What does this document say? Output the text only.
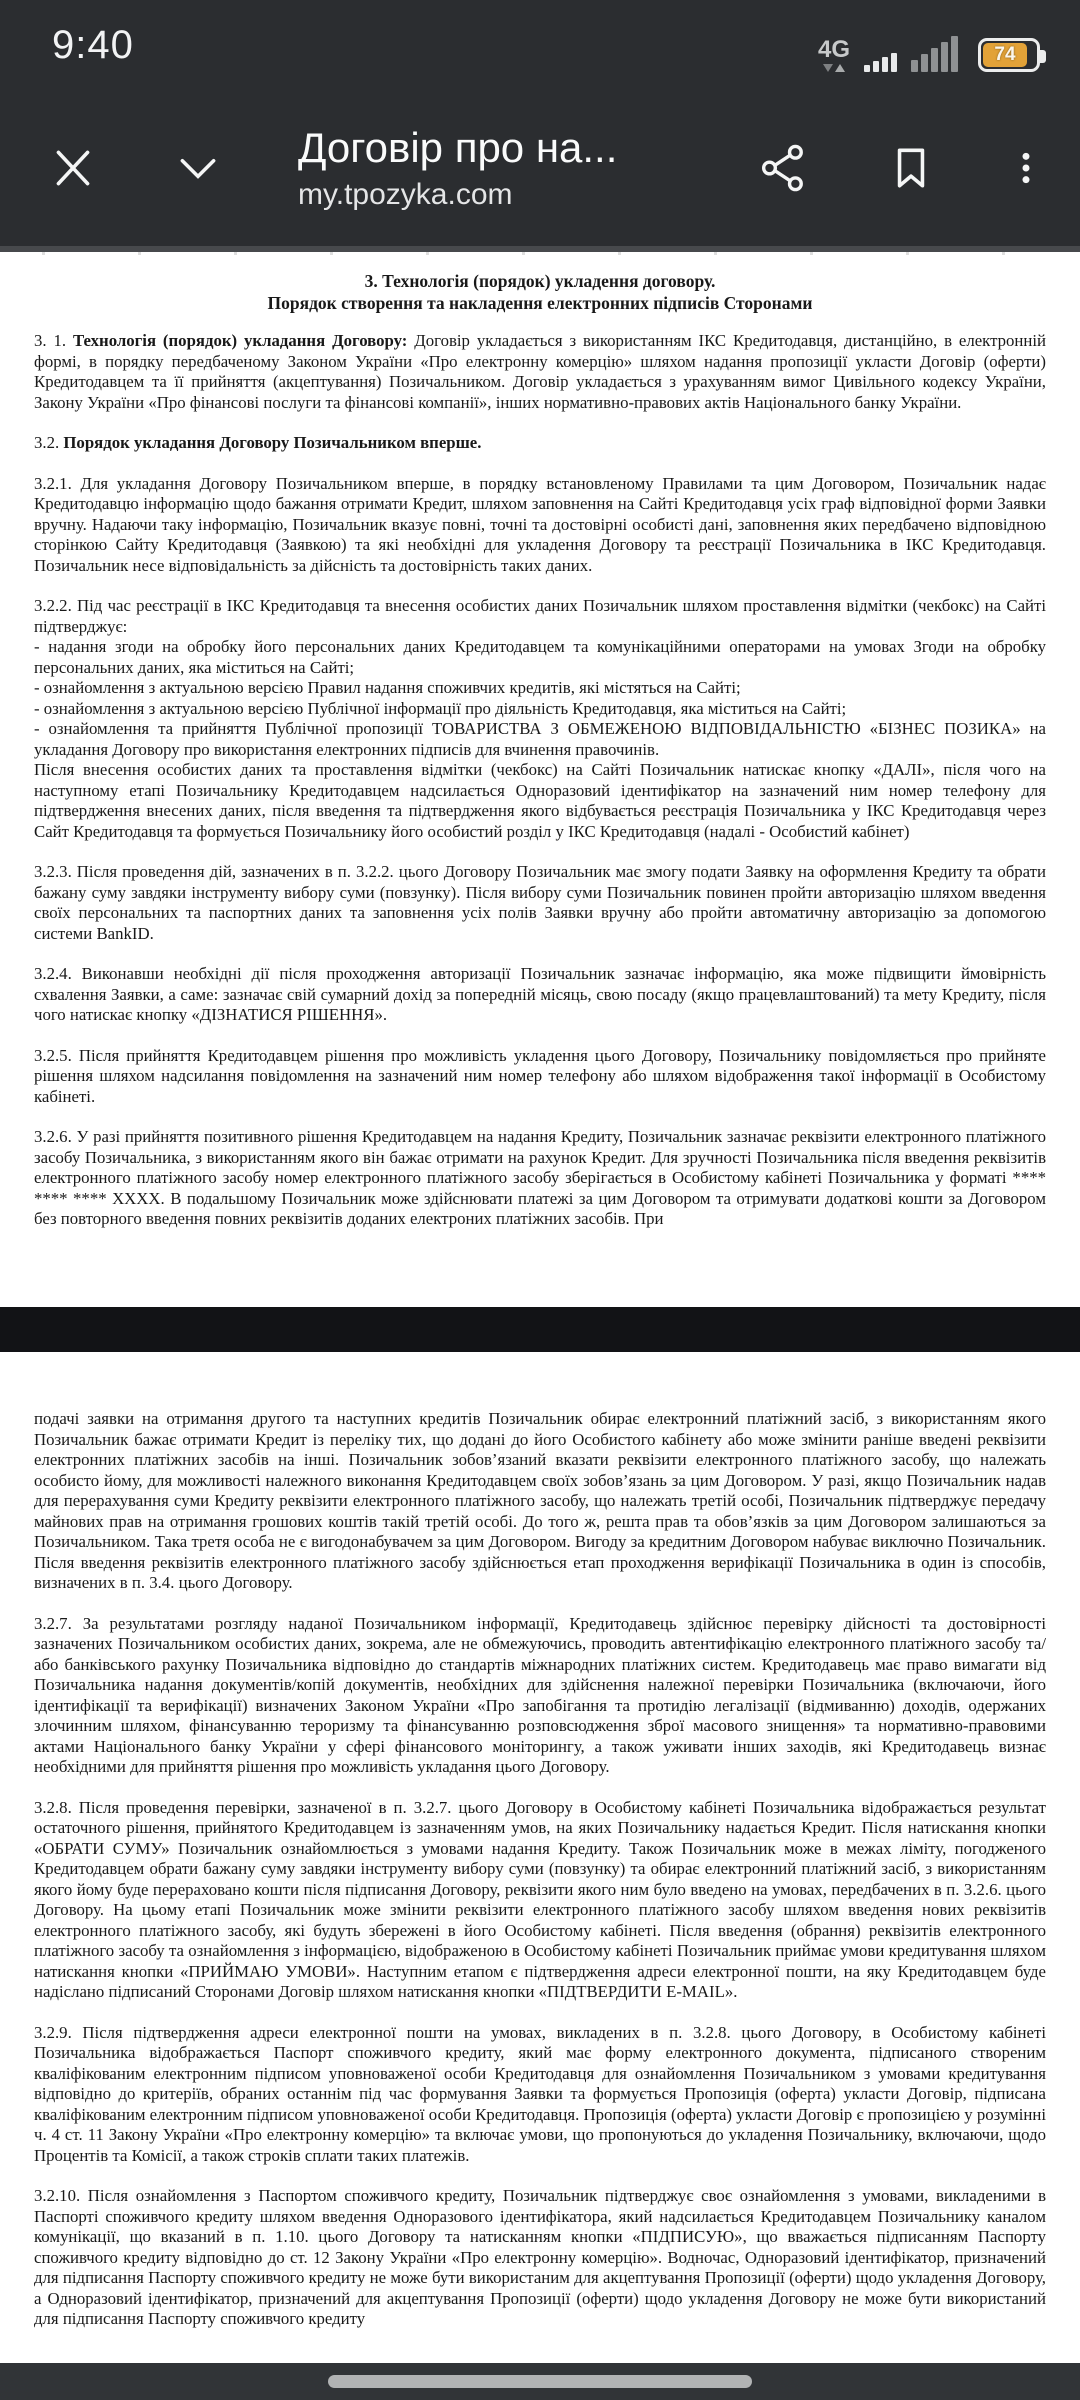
9:40	4G	74
Договір про на...
my.tpozyka.com
3. Технологія (порядок) укладення договору.
Порядок створення та накладення електронних підписів Сторонами

3. 1. Технологія (порядок) укладання Договору: Договір укладається з використанням ІКС Кредитодавця, дистанційно, в електронній формі, в порядку передбаченому Законом України «Про електронну комерцію» шляхом надання пропозиції укласти Договір (оферти) Кредитодавцем та її прийняття (акцептування) Позичальником. Договір укладається з урахуванням вимог Цивільного кодексу України, Закону України «Про фінансові послуги та фінансові компанії», інших нормативно-правових актів Національного банку України.

3.2. Порядок укладання Договору Позичальником вперше.

3.2.1. Для укладання Договору Позичальником вперше, в порядку встановленому Правилами та цим Договором, Позичальник надає Кредитодавцю інформацію щодо бажання отримати Кредит, шляхом заповнення на Сайті Кредитодавця усіх граф відповідної форми Заявки вручну. Надаючи таку інформацію, Позичальник вказує повні, точні та достовірні особисті дані, заповнення яких передбачено відповідною сторінкою Сайту Кредитодавця (Заявкою) та які необхідні для укладення Договору та реєстрації Позичальника в ІКС Кредитодавця. Позичальник несе відповідальність за дійсність та достовірність таких даних.

3.2.2. Під час реєстрації в ІКС Кредитодавця та внесення особистих даних Позичальник шляхом проставлення відмітки (чекбокс) на Сайті підтверджує:

- надання згоди на обробку його персональних даних Кредитодавцем та комунікаційними операторами на умовах Згоди на обробку персональних даних, яка міститься на Сайті;

- ознайомлення з актуальною версією Правил надання споживчих кредитів, які містяться на Сайті;

- ознайомлення з актуальною версією Публічної інформації про діяльність Кредитодавця, яка міститься на Сайті;

- ознайомлення та прийняття Публічної пропозиції ТОВАРИСТВА З ОБМЕЖЕНОЮ ВІДПОВІДАЛЬНІСТЮ «БІЗНЕС ПОЗИКА» на укладання Договору про використання електронних підписів для вчинення правочинів.

Після внесення особистих даних та проставлення відмітки (чекбокс) на Сайті Позичальник натискає кнопку «ДАЛІ», після чого на наступному етапі Позичальнику Кредитодавцем надсилається Одноразовий ідентифікатор на зазначений ним номер телефону для підтвердження внесених даних, після введення та підтвердження якого відбувається реєстрація Позичальника у ІКС Кредитодавця через Сайт Кредитодавця та формується Позичальнику його особистий розділ у ІКС Кредитодавця (надалі - Особистий кабінет)

3.2.3. Після проведення дій, зазначених в п. 3.2.2. цього Договору Позичальник має змогу подати Заявку на оформлення Кредиту та обрати бажану суму завдяки інструменту вибору суми (повзунку). Після вибору суми Позичальник повинен пройти авторизацію шляхом введення своїх персональних та паспортних даних та заповнення усіх полів Заявки вручну або пройти автоматичну авторизацію за допомогою системи BankID.

3.2.4. Виконавши необхідні дії після проходження авторизації Позичальник зазначає інформацію, яка може підвищити ймовірність схвалення Заявки, а саме: зазначає свій сумарний дохід за попередній місяць, свою посаду (якщо працевлаштований) та мету Кредиту, після чого натискає кнопку «ДІЗНАТИСЯ РІШЕННЯ».

3.2.5. Після прийняття Кредитодавцем рішення про можливість укладення цього Договору, Позичальнику повідомляється про прийняте рішення шляхом надсилання повідомлення на зазначений ним номер телефону або шляхом відображення такої інформації в Особистому кабінеті.

3.2.6. У разі прийняття позитивного рішення Кредитодавцем на надання Кредиту, Позичальник зазначає реквізити електронного платіжного засобу Позичальника, з використанням якого він бажає отримати на рахунок Кредит. Для зручності Позичальника після введення реквізитів електронного платіжного засобу номер електронного платіжного засобу зберігається в Особистому кабінеті Позичальника у форматі **** **** **** XXXX. В подальшому Позичальник може здійснювати платежі за цим Договором та отримувати додаткові кошти за Договором без повторного введення повних реквізитів доданих електроних платіжних засобів. При

подачі заявки на отримання другого та наступних кредитів Позичальник обирає електронний платіжний засіб, з використанням якого Позичальник бажає отримати Кредит із переліку тих, що додані до його Особистого кабінету або може змінити раніше введені реквізити електронних платіжних засобів на інші. Позичальник зобов’язаний вказати реквізити електронного платіжного засобу, що належать особисто йому, для можливості належного виконання Кредитодавцем своїх зобов’язань за цим Договором. У разі, якщо Позичальник надав для перерахування суми Кредиту реквізити електронного платіжного засобу, що належать третій особі, Позичальник підтверджує передачу майнових прав на отримання грошових коштів такій третій особі. До того ж, решта прав та обов’язків за цим Договором залишаються за Позичальником. Така третя особа не є вигодонабувачем за цим Договором. Вигоду за кредитним Договором набуває виключно Позичальник. Після введення реквізитів електронного платіжного засобу здійснюється етап проходження верифікації Позичальника в один із способів, визначених в п. 3.4. цього Договору.

3.2.7. За результатами розгляду наданої Позичальником інформації, Кредитодавець здійснює перевірку дійсності та достовірності зазначених Позичальником особистих даних, зокрема, але не обмежуючись, проводить автентифікацію електронного платіжного засобу та/або банківського рахунку Позичальника відповідно до стандартів міжнародних платіжних систем. Кредитодавець має право вимагати від Позичальника надання документів/копій документів, необхідних для здійснення належної перевірки Позичальника (включаючи, його ідентифікації та верифікації) визначених Законом України «Про запобігання та протидію легалізації (відмиванню) доходів, одержаних злочинним шляхом, фінансуванню тероризму та фінансуванню розповсюдження зброї масового знищення» та нормативно-правовими актами Національного банку України у сфері фінансового моніторингу, а також уживати інших заходів, які Кредитодавець визнає необхідними для прийняття рішення про можливість укладання цього Договору.

3.2.8. Після проведення перевірки, зазначеної в п. 3.2.7. цього Договору в Особистому кабінеті Позичальника відображається результат остаточного рішення, прийнятого Кредитодавцем із зазначенням умов, на яких Позичальнику надається Кредит. Після натискання кнопки «ОБРАТИ СУМУ» Позичальник ознайомлюється з умовами надання Кредиту. Також Позичальник може в межах ліміту, погодженого Кредитодавцем обрати бажану суму завдяки інструменту вибору суми (повзунку) та обирає електронний платіжний засіб, з використанням якого йому буде перераховано кошти після підписання Договору, реквізити якого ним було введено на умовах, передбачених в п. 3.2.6. цього Договору. На цьому етапі Позичальник може змінити реквізити електронного платіжного засобу шляхом введення нових реквізитів електронного платіжного засобу, які будуть збережені в його Особистому кабінеті. Після введення (обрання) реквізитів електронного платіжного засобу та ознайомлення з інформацією, відображеною в Особистому кабінеті Позичальник приймає умови кредитування шляхом натискання кнопки «ПРИЙМАЮ УМОВИ». Наступним етапом є підтвердження адреси електронної пошти, на яку Кредитодавцем буде надіслано підписаний Сторонами Договір шляхом натискання кнопки «ПІДТВЕРДИТИ E-MAIL».

3.2.9. Після підтвердження адреси електронної пошти на умовах, викладених в п. 3.2.8. цього Договору, в Особистому кабінеті Позичальника відображається Паспорт споживчого кредиту, який має форму електронного документа, підписаного створеним кваліфікованим електронним підписом уповноваженої особи Кредитодавця для ознайомлення Позичальником з умовами кредитування відповідно до критеріїв, обраних останнім під час формування Заявки та формується Пропозиція (оферта) укласти Договір, підписана кваліфікованим електронним підписом уповноваженої особи Кредитодавця. Пропозиція (оферта) укласти Договір є пропозицією у розумінні ч. 4 ст. 11 Закону України «Про електронну комерцію» та включає умови, що пропонуються до укладення Позичальнику, включаючи, щодо Процентів та Комісії, а також строків сплати таких платежів.

3.2.10. Після ознайомлення з Паспортом споживчого кредиту, Позичальник підтверджує своє ознайомлення з умовами, викладеними в Паспорті споживчого кредиту шляхом введення Одноразового ідентифікатора, який надсилається Кредитодавцем Позичальнику каналом комунікації, що вказаний в п. 1.10. цього Договору та натисканням кнопки «ПІДПИСУЮ», що вважається підписанням Паспорту споживчого кредиту відповідно до ст. 12 Закону України «Про електронну комерцію». Водночас, Одноразовий ідентифікатор, призначений для підписання Паспорту споживчого кредиту не може бути використаним для акцептування Пропозиції (оферти) щодо укладення Договору, а Одноразовий ідентифікатор, призначений для акцептування Пропозиції (оферти) щодо укладення Договору не може бути використаний для підписання Паспорту споживчого кредиту
